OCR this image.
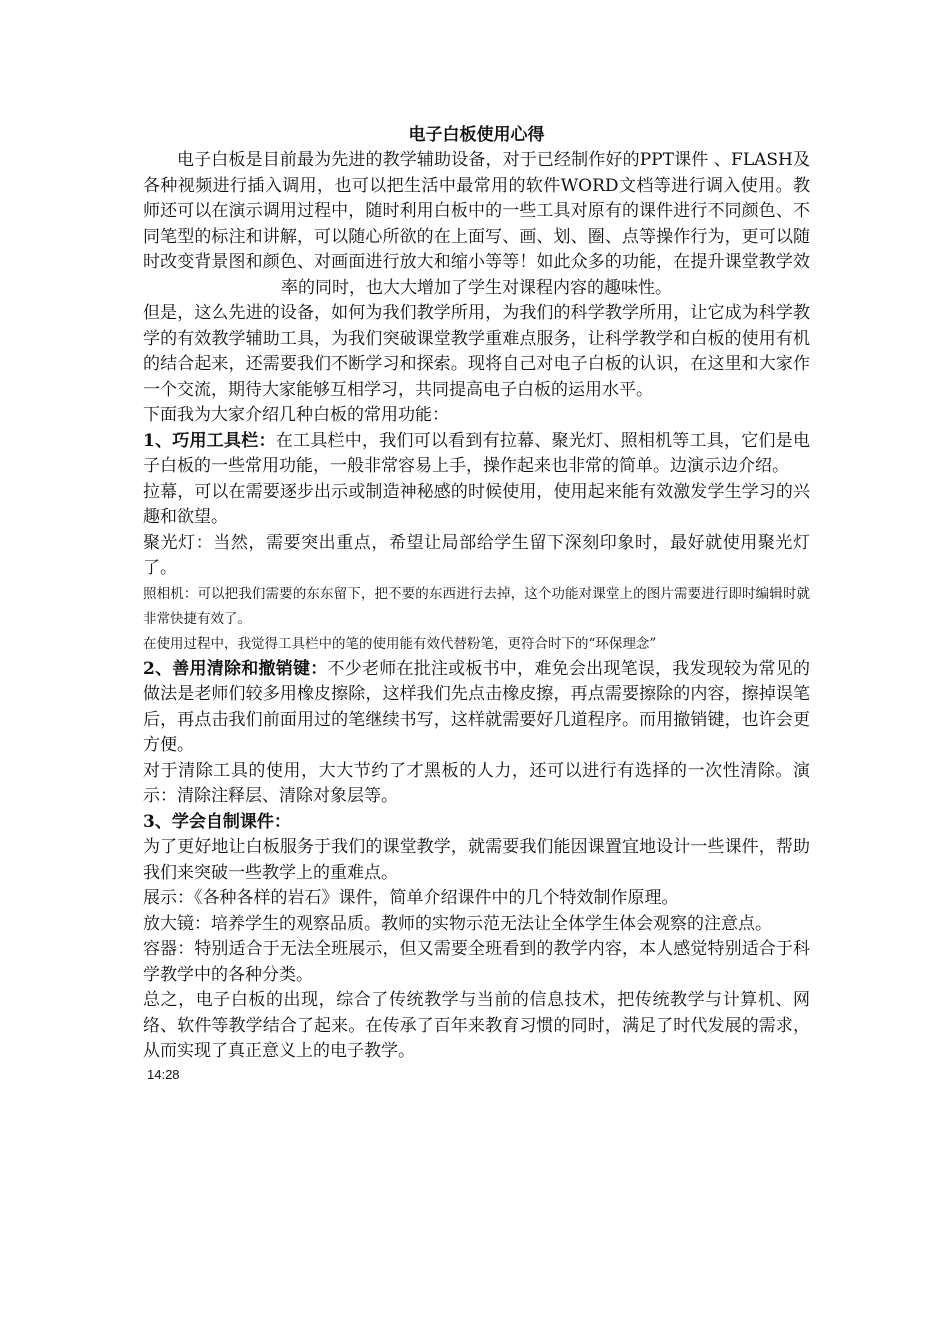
电子白板使用心得

电子白板是目前最为先进的教学辅助设备，对于已经制作好的PPT课件 、FLASH及各种视频进行插入调用，也可以把生活中最常用的软件WORD文档等进行调入使用。教师还可以在演示调用过程中，随时利用白板中的一些工具对原有的课件进行不同颜色、不同笔型的标注和讲解，可以随心所欲的在上面写、画、划、圈、点等操作行为，更可以随时改变背景图和颜色、对画面进行放大和缩小等等！如此众多的功能，在提升课堂教学效率的同时，也大大增加了学生对课程内容的趣味性。

但是，这么先进的设备，如何为我们教学所用，为我们的科学教学所用，让它成为科学教学的有效教学辅助工具，为我们突破课堂教学重难点服务，让科学教学和白板的使用有机的结合起来，还需要我们不断学习和探索。现将自己对电子白板的认识，在这里和大家作一个交流，期待大家能够互相学习，共同提高电子白板的运用水平。

下面我为大家介绍几种白板的常用功能：

1、巧用工具栏：在工具栏中，我们可以看到有拉幕、聚光灯、照相机等工具，它们是电子白板的一些常用功能，一般非常容易上手，操作起来也非常的简单。边演示边介绍。

拉幕，可以在需要逐步出示或制造神秘感的时候使用，使用起来能有效激发学生学习的兴趣和欲望。

聚光灯：当然，需要突出重点，希望让局部给学生留下深刻印象时，最好就使用聚光灯了。

照相机：可以把我们需要的东东留下，把不要的东西进行去掉，这个功能对课堂上的图片需要进行即时编辑时就非常快捷有效了。

在使用过程中，我觉得工具栏中的笔的使用能有效代替粉笔，更符合时下的“环保理念”

2、善用清除和撤销键：不少老师在批注或板书中，难免会出现笔误，我发现较为常见的做法是老师们较多用橡皮擦除，这样我们先点击橡皮擦，再点需要擦除的内容，擦掉误笔后，再点击我们前面用过的笔继续书写，这样就需要好几道程序。而用撤销键，也许会更方便。

对于清除工具的使用，大大节约了才黑板的人力，还可以进行有选择的一次性清除。演示：清除注释层、清除对象层等。

3、学会自制课件：

为了更好地让白板服务于我们的课堂教学，就需要我们能因课置宜地设计一些课件，帮助我们来突破一些教学上的重难点。

展示：《各种各样的岩石》课件，简单介绍课件中的几个特效制作原理。

放大镜：培养学生的观察品质。教师的实物示范无法让全体学生体会观察的注意点。

容器：特别适合于无法全班展示，但又需要全班看到的教学内容，本人感觉特别适合于科学教学中的各种分类。

总之，电子白板的出现，综合了传统教学与当前的信息技术，把传统教学与计算机、网络、软件等教学结合了起来。在传承了百年来教育习惯的同时，满足了时代发展的需求，从而实现了真正意义上的电子教学。

14:28
